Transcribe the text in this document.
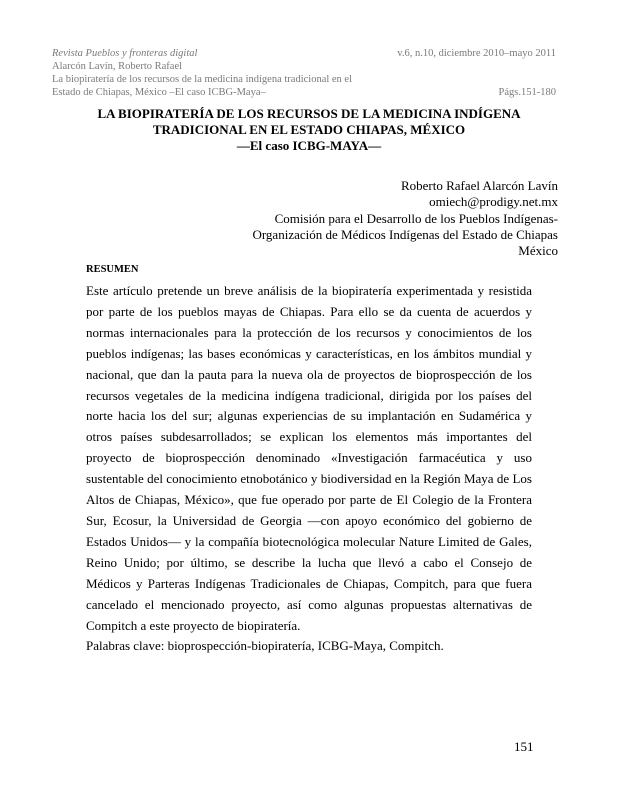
Revista Pueblos y fronteras digital	v.6, n.10, diciembre 2010–mayo 2011
Alarcón Lavín, Roberto Rafael
La biopiratería de los recursos de la medicina indígena tradicional en el
Estado de Chiapas, México –El caso ICBG-Maya–	Págs.151-180
LA BIOPIRATERÍA DE LOS RECURSOS DE LA MEDICINA INDÍGENA
TRADICIONAL EN EL ESTADO CHIAPAS, MÉXICO
—El caso ICBG-MAYA—
Roberto Rafael Alarcón Lavín
omiech@prodigy.net.mx
Comisión para el Desarrollo de los Pueblos Indígenas-
Organización de Médicos Indígenas del Estado de Chiapas
México
RESUMEN

Este artículo pretende un breve análisis de la biopiratería experimentada y resistida por parte de los pueblos mayas de Chiapas. Para ello se da cuenta de acuerdos y normas internacionales para la protección de los recursos y conocimientos de los pueblos indígenas; las bases económicas y características, en los ámbitos mundial y nacional, que dan la pauta para la nueva ola de proyectos de bioprospección de los recursos vegetales de la medicina indígena tradicional, dirigida por los países del norte hacia los del sur; algunas experiencias de su implantación en Sudamérica y otros países subdesarrollados; se explican los elementos más importantes del proyecto de bioprospección denominado «Investigación farmacéutica y uso sustentable del conocimiento etnobotánico y biodiversidad en la Región Maya de Los Altos de Chiapas, México», que fue operado por parte de El Colegio de la Frontera Sur, Ecosur, la Universidad de Georgia —con apoyo económico del gobierno de Estados Unidos— y la compañía biotecnológica molecular Nature Limited de Gales, Reino Unido; por último, se describe la lucha que llevó a cabo el Consejo de Médicos y Parteras Indígenas Tradicionales de Chiapas, Compitch, para que fuera cancelado el mencionado proyecto, así como algunas propuestas alternativas de Compitch a este proyecto de biopiratería.

Palabras clave: bioprospección-biopiratería, ICBG-Maya, Compitch.
151
